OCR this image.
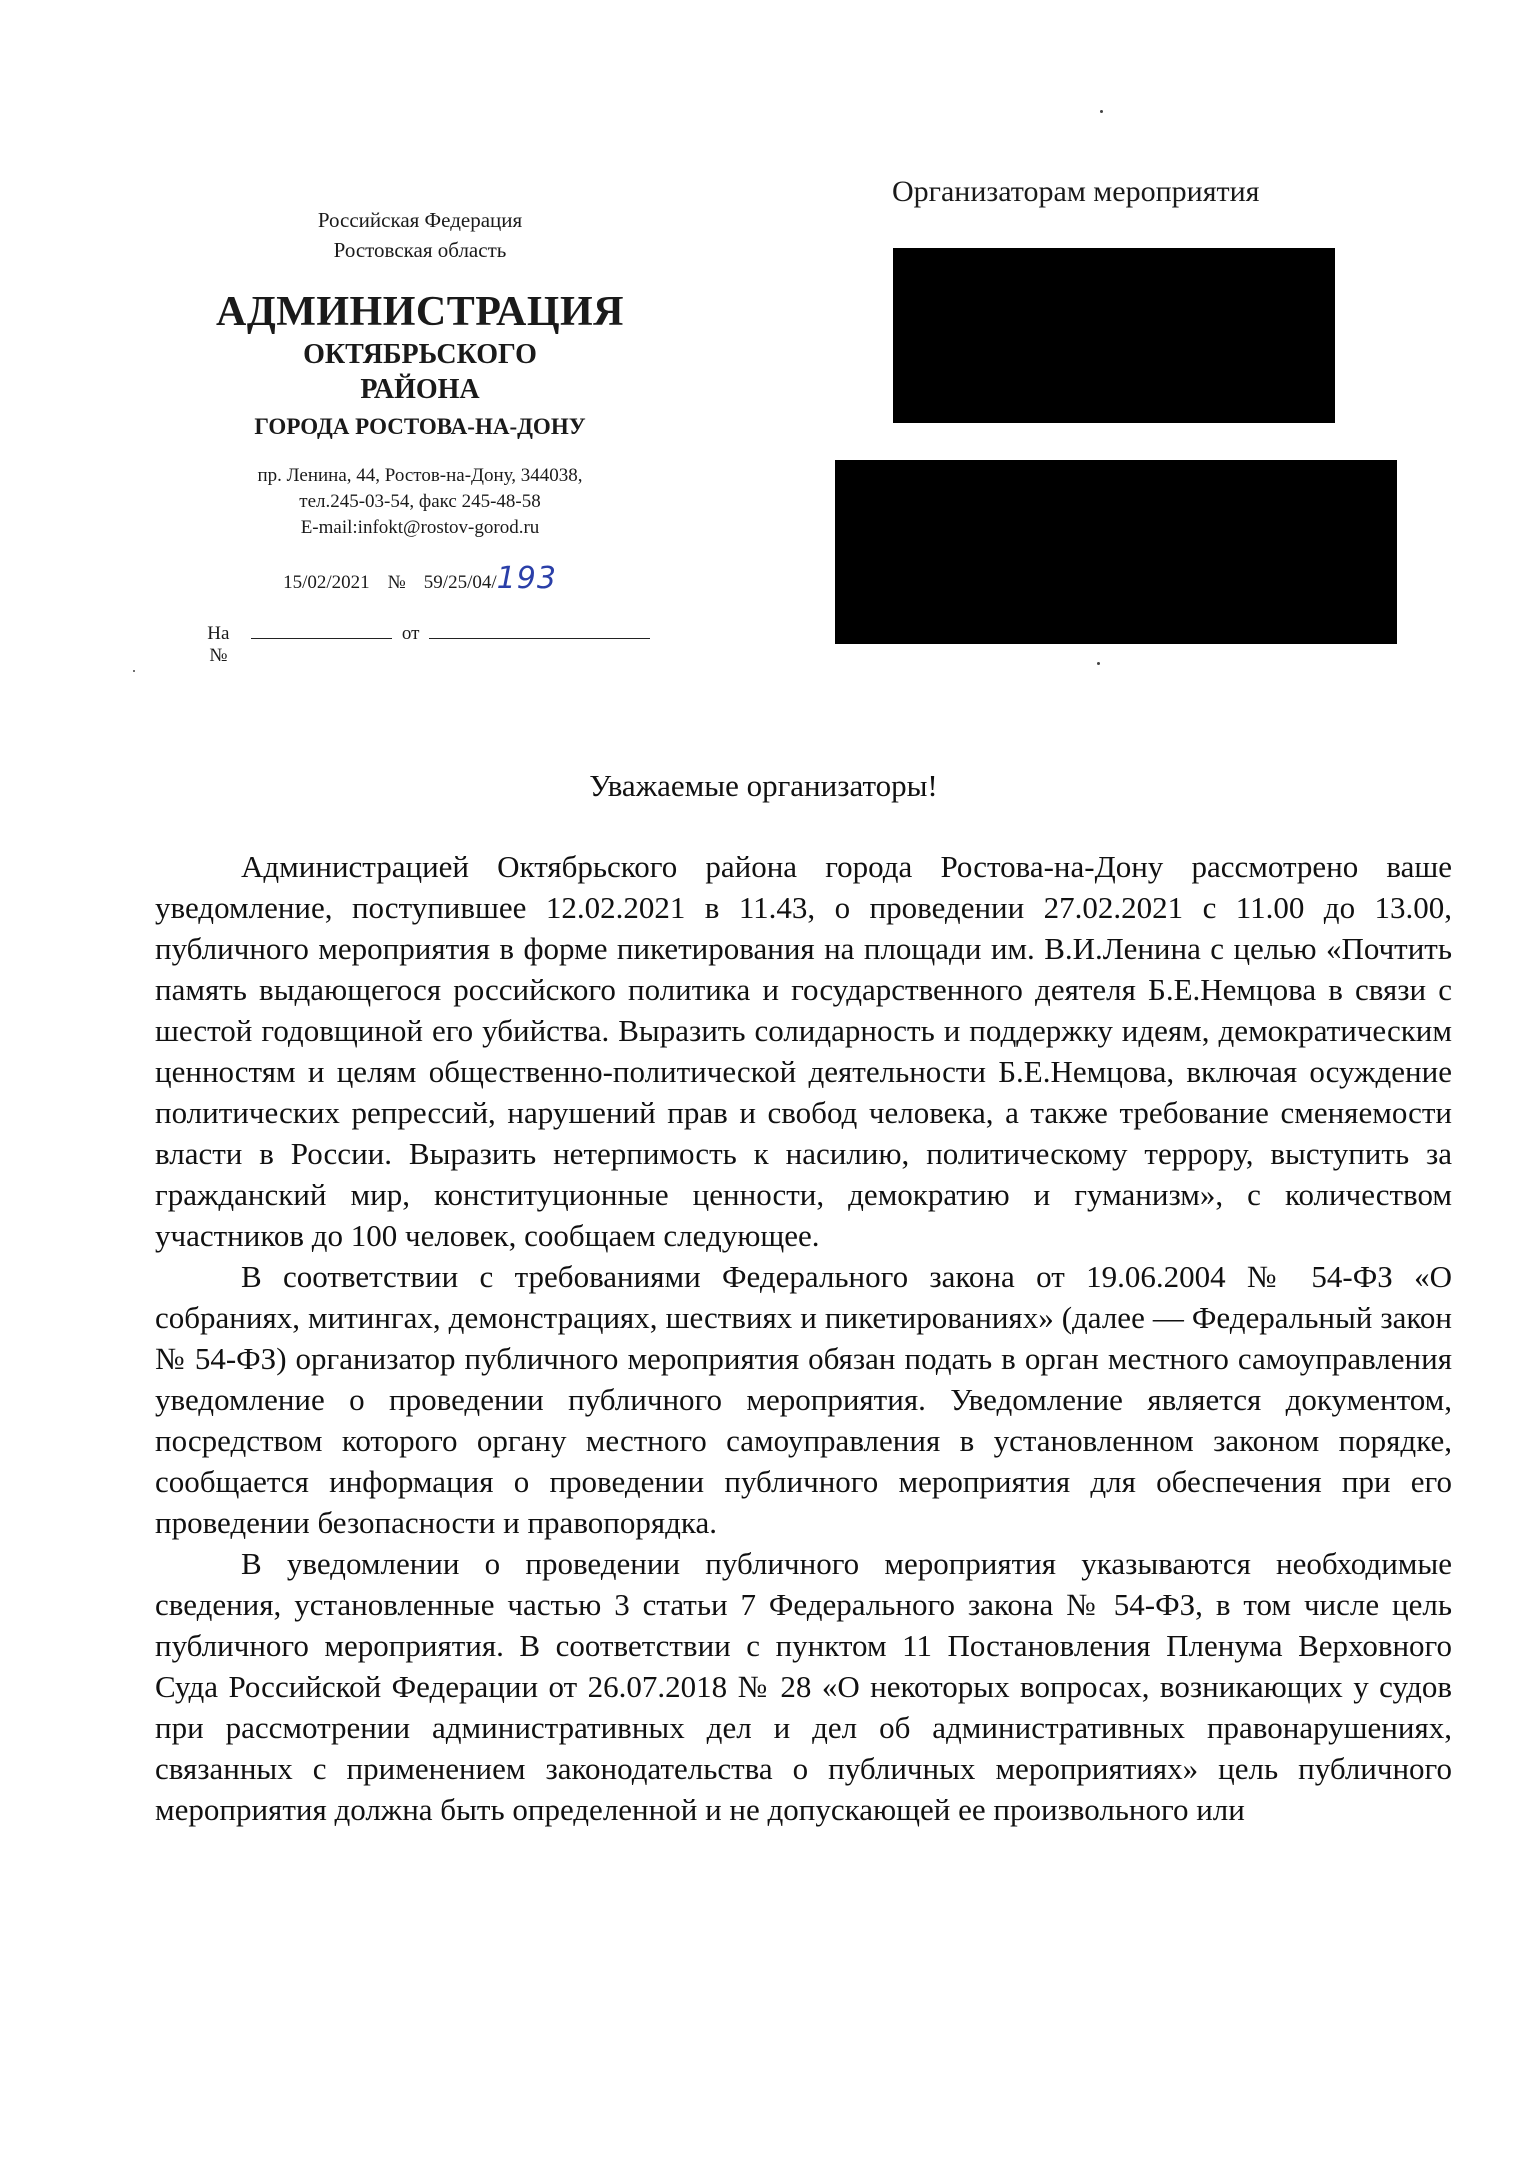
Российская Федерация
Ростовская область
АДМИНИСТРАЦИЯ
ОКТЯБРЬСКОГО
РАЙОНА
ГОРОДА РОСТОВА-НА-ДОНУ
пр. Ленина, 44, Ростов-на-Дону, 344038,
тел.245-03-54, факс 245-48-58
E-mail:infokt@rostov-gorod.ru
15/02/2021 № 59/25/04/193
На №
от
Организаторам мероприятия
Уважаемые организаторы!

Администрацией Октябрьского района города Ростова-на-Дону рассмотрено ваше уведомление, поступившее 12.02.2021 в 11.43, о проведении 27.02.2021 с 11.00 до 13.00, публичного мероприятия в форме пикетирования на площади им. В.И.Ленина с целью «Почтить память выдающегося российского политика и государственного деятеля Б.Е.Немцова в связи с шестой годовщиной его убийства. Выразить солидарность и поддержку идеям, демократическим ценностям и целям общественно-политической деятельности Б.Е.Немцова, включая осуждение политических репрессий, нарушений прав и свобод человека, а также требование сменяемости власти в России. Выразить нетерпимость к насилию, политическому террору, выступить за гражданский мир, конституционные ценности, демократию и гуманизм», с количеством участников до 100 человек, сообщаем следующее.

В соответствии с требованиями Федерального закона от 19.06.2004 № 54-ФЗ «О собраниях, митингах, демонстрациях, шествиях и пикетированиях» (далее — Федеральный закон № 54-ФЗ) организатор публичного мероприятия обязан подать в орган местного самоуправления уведомление о проведении публичного мероприятия. Уведомление является документом, посредством которого органу местного самоуправления в установленном законом порядке, сообщается информация о проведении публичного мероприятия для обеспечения при его проведении безопасности и правопорядка.

В уведомлении о проведении публичного мероприятия указываются необходимые сведения, установленные частью 3 статьи 7 Федерального закона № 54-ФЗ, в том числе цель публичного мероприятия. В соответствии с пунктом 11 Постановления Пленума Верховного Суда Российской Федерации от 26.07.2018 № 28 «О некоторых вопросах, возникающих у судов при рассмотрении административных дел и дел об административных правонарушениях, связанных с применением законодательства о публичных мероприятиях» цель публичного мероприятия должна быть определенной и не допускающей ее произвольного или
